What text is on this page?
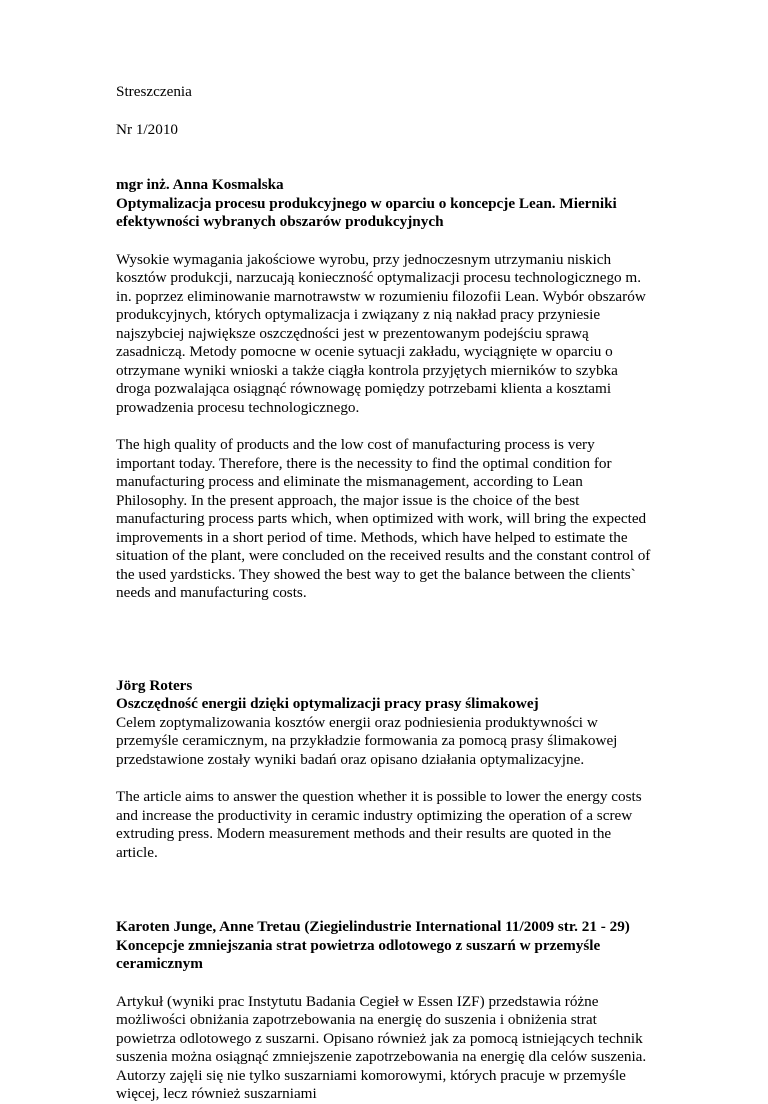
Streszczenia

Nr 1/2010

mgr inż. Anna Kosmalska

Optymalizacja procesu produkcyjnego w oparciu o koncepcje Lean. Mierniki efektywności wybranych obszarów produkcyjnych

Wysokie wymagania jakościowe wyrobu, przy jednoczesnym utrzymaniu niskich kosztów produkcji, narzucają konieczność optymalizacji procesu technologicznego m. in. poprzez eliminowanie marnotrawstw w rozumieniu filozofii Lean. Wybór obszarów produkcyjnych, których optymalizacja i związany z nią nakład pracy przyniesie najszybciej największe oszczędności jest w prezentowanym podejściu sprawą zasadniczą. Metody pomocne w ocenie sytuacji zakładu, wyciągnięte w oparciu o otrzymane wyniki wnioski a także ciągła kontrola przyjętych mierników to szybka droga pozwalająca osiągnąć równowagę pomiędzy potrzebami klienta a kosztami prowadzenia procesu technologicznego.

The high quality of products and the low cost of manufacturing process is very important today. Therefore, there is the necessity to find the optimal condition for manufacturing process and eliminate the mismanagement, according to Lean Philosophy. In the present approach, the major issue is the choice of the best manufacturing process parts which, when optimized with work, will bring the expected improvements in a short period of time. Methods, which have helped to estimate the situation of the plant, were concluded on the received results and the constant control of the used yardsticks. They showed the best way to get the balance between the clients` needs and manufacturing costs.

Jörg Roters

Oszczędność energii dzięki optymalizacji pracy prasy ślimakowej

Celem zoptymalizowania kosztów energii oraz podniesienia produktywności w przemyśle ceramicznym, na przykładzie formowania za pomocą prasy ślimakowej przedstawione zostały wyniki badań oraz opisano działania optymalizacyjne.

The article aims to answer the question whether it is possible to lower the energy costs and increase the productivity in ceramic industry optimizing the operation of a screw extruding press. Modern measurement methods and their results are quoted in the article.

Karoten Junge, Anne Tretau (Ziegielindustrie International 11/2009 str. 21 - 29)

Koncepcje zmniejszania strat powietrza odlotowego z suszarń w przemyśle ceramicznym

Artykuł (wyniki prac Instytutu Badania Cegieł w Essen IZF) przedstawia różne możliwości obniżania zapotrzebowania na energię do suszenia i obniżenia strat powietrza odlotowego z suszarni. Opisano również jak za pomocą istniejących technik suszenia można osiągnąć zmniejszenie zapotrzebowania na energię dla celów suszenia. Autorzy zajęli się nie tylko suszarniami komorowymi, których pracuje w przemyśle więcej, lecz również suszarniami
